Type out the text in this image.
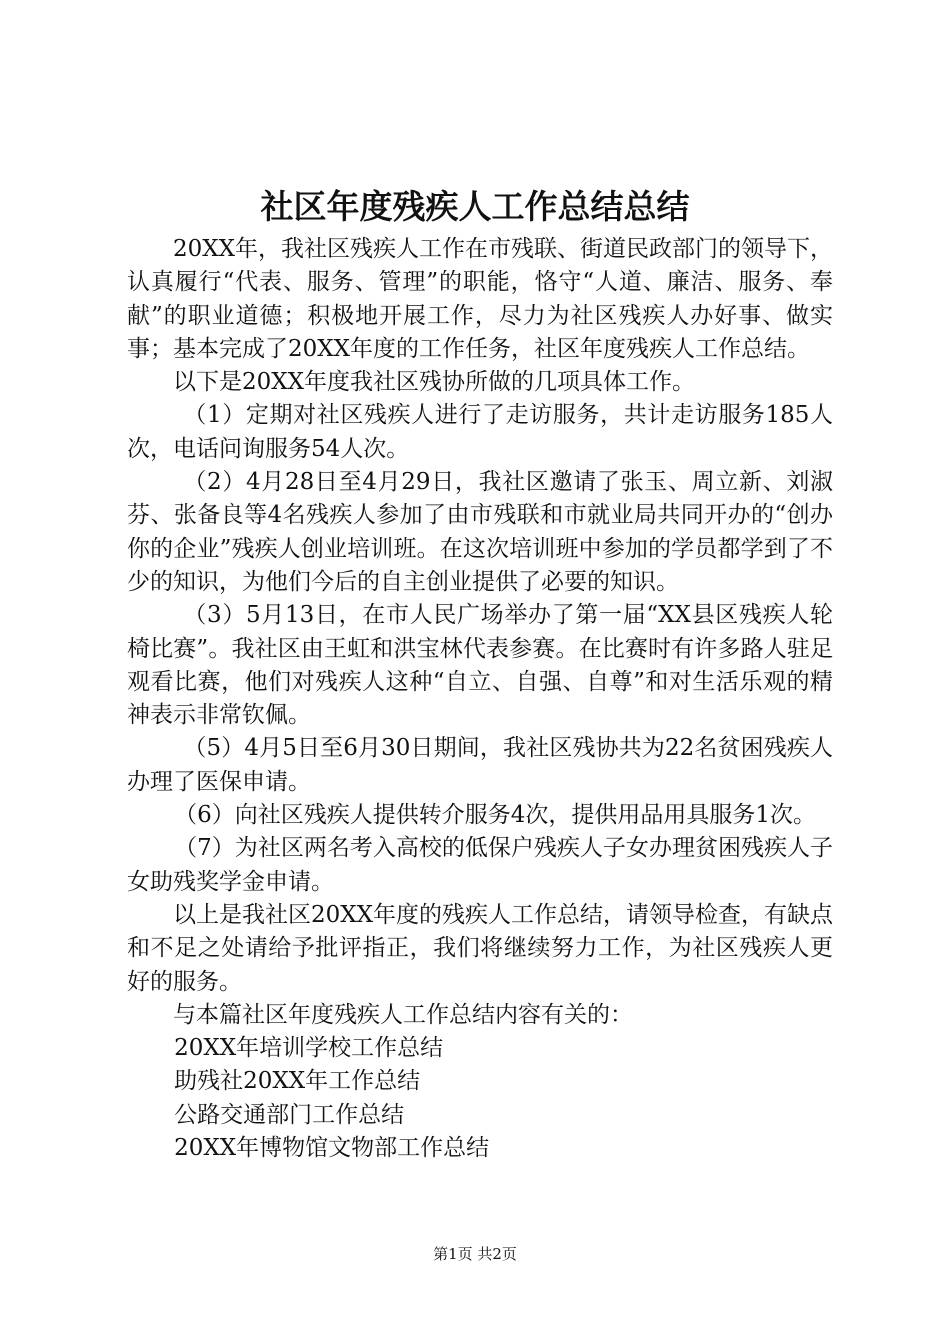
社区年度残疾人工作总结总结

20XX年，我社区残疾人工作在市残联、街道民政部门的领导下，认真履行“代表、服务、管理”的职能，恪守“人道、廉洁、服务、奉献”的职业道德；积极地开展工作，尽力为社区残疾人办好事、做实事；基本完成了20XX年度的工作任务，社区年度残疾人工作总结。

以下是20XX年度我社区残协所做的几项具体工作。

（1）定期对社区残疾人进行了走访服务，共计走访服务185人次，电话问询服务54人次。

（2）4月28日至4月29日，我社区邀请了张玉、周立新、刘淑芬、张备良等4名残疾人参加了由市残联和市就业局共同开办的“创办你的企业”残疾人创业培训班。在这次培训班中参加的学员都学到了不少的知识，为他们今后的自主创业提供了必要的知识。

（3）5月13日，在市人民广场举办了第一届“XX县区残疾人轮椅比赛”。我社区由王虹和洪宝林代表参赛。在比赛时有许多路人驻足观看比赛，他们对残疾人这种“自立、自强、自尊”和对生活乐观的精神表示非常钦佩。

（5）4月5日至6月30日期间，我社区残协共为22名贫困残疾人办理了医保申请。

（6）向社区残疾人提供转介服务4次，提供用品用具服务1次。

（7）为社区两名考入高校的低保户残疾人子女办理贫困残疾人子女助残奖学金申请。

以上是我社区20XX年度的残疾人工作总结，请领导检查，有缺点和不足之处请给予批评指正，我们将继续努力工作，为社区残疾人更好的服务。

与本篇社区年度残疾人工作总结内容有关的：

20XX年培训学校工作总结

助残社20XX年工作总结

公路交通部门工作总结

20XX年博物馆文物部工作总结

第1页 共2页
